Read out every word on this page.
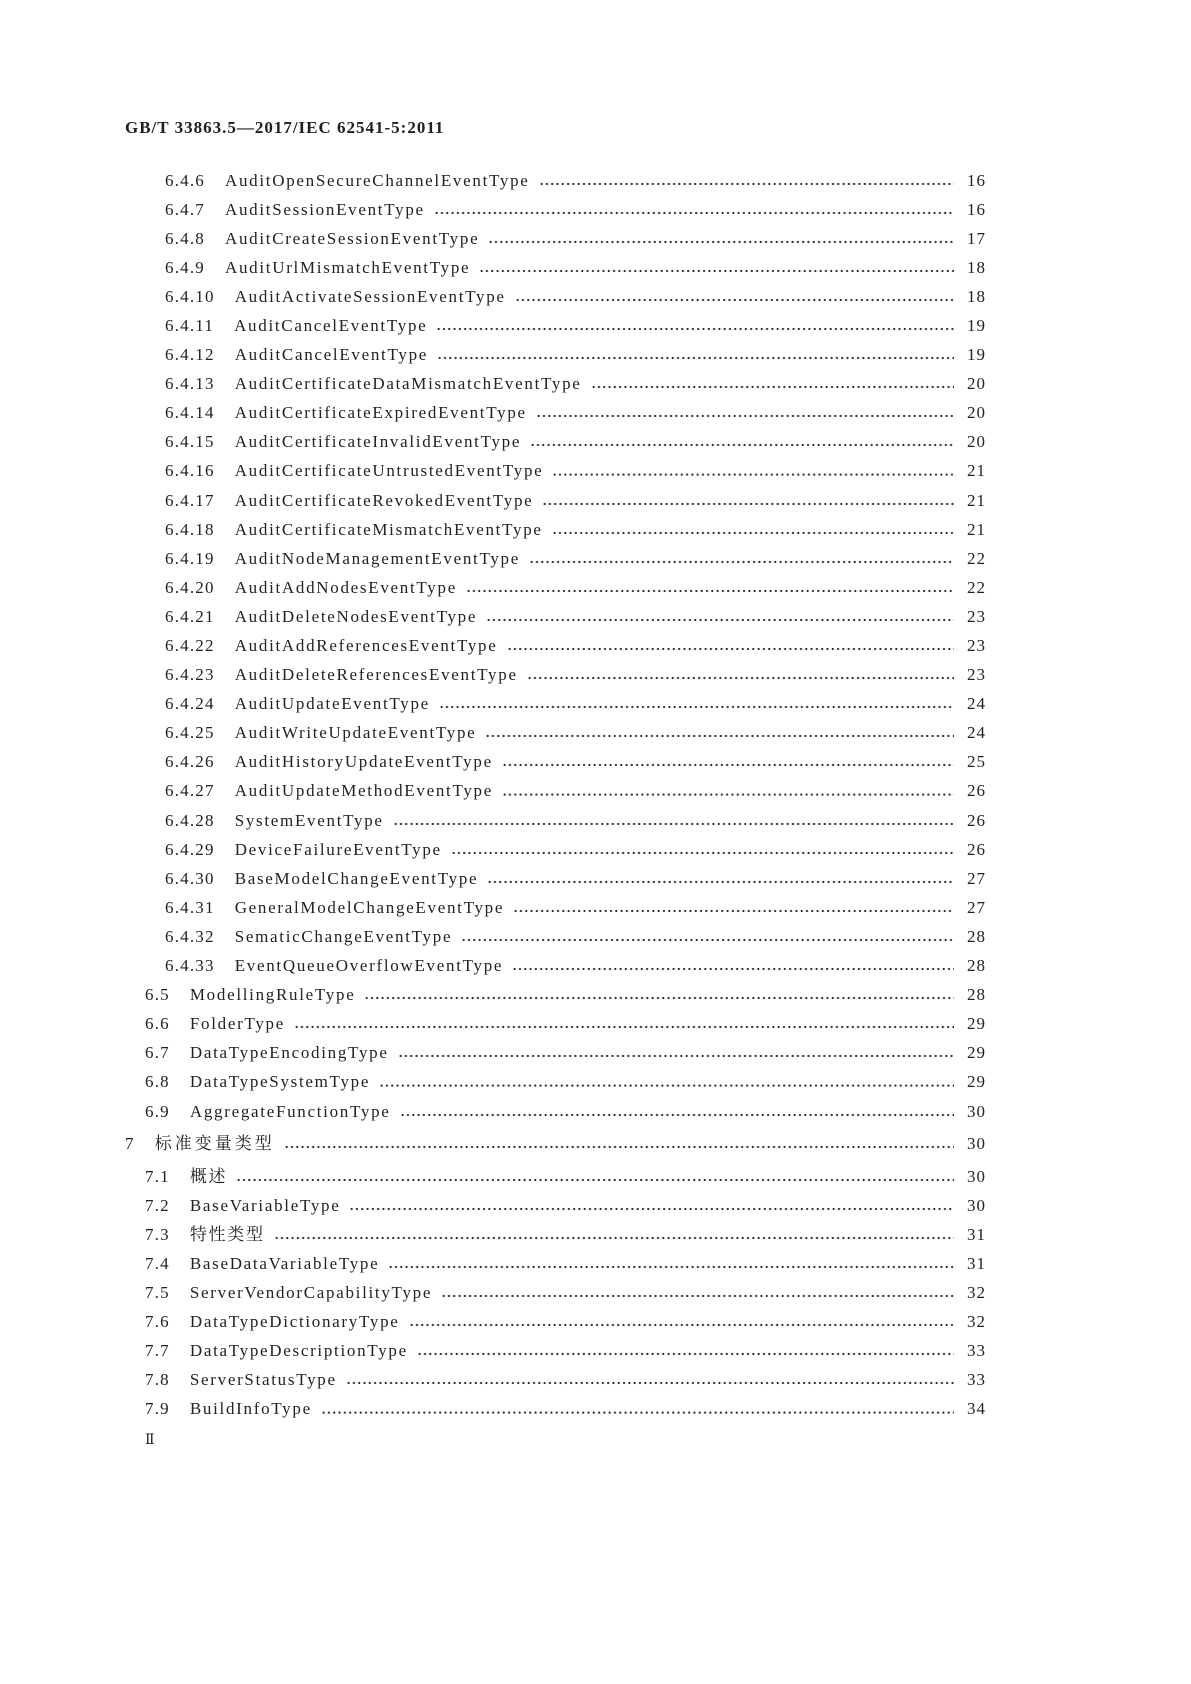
GB/T 33863.5—2017/IEC 62541-5:2011
6.4.6 AuditOpenSecureChannelEventType	16
6.4.7 AuditSessionEventType	16
6.4.8 AuditCreateSessionEventType	17
6.4.9 AuditUrlMismatchEventType	18
6.4.10 AuditActivateSessionEventType	18
6.4.11 AuditCancelEventType	19
6.4.12 AuditCancelEventType	19
6.4.13 AuditCertificateDataMismatchEventType	20
6.4.14 AuditCertificateExpiredEventType	20
6.4.15 AuditCertificateInvalidEventType	20
6.4.16 AuditCertificateUntrustedEventType	21
6.4.17 AuditCertificateRevokedEventType	21
6.4.18 AuditCertificateMismatchEventType	21
6.4.19 AuditNodeManagementEventType	22
6.4.20 AuditAddNodesEventType	22
6.4.21 AuditDeleteNodesEventType	23
6.4.22 AuditAddReferencesEventType	23
6.4.23 AuditDeleteReferencesEventType	23
6.4.24 AuditUpdateEventType	24
6.4.25 AuditWriteUpdateEventType	24
6.4.26 AuditHistoryUpdateEventType	25
6.4.27 AuditUpdateMethodEventType	26
6.4.28 SystemEventType	26
6.4.29 DeviceFailureEventType	26
6.4.30 BaseModelChangeEventType	27
6.4.31 GeneralModelChangeEventType	27
6.4.32 SematicChangeEventType	28
6.4.33 EventQueueOverflowEventType	28
6.5 ModellingRuleType	28
6.6 FolderType	29
6.7 DataTypeEncodingType	29
6.8 DataTypeSystemType	29
6.9 AggregateFunctionType	30
7 标准变量类型	30
7.1 概述	30
7.2 BaseVariableType	30
7.3 特性类型	31
7.4 BaseDataVariableType	31
7.5 ServerVendorCapabilityType	32
7.6 DataTypeDictionaryType	32
7.7 DataTypeDescriptionType	33
7.8 ServerStatusType	33
7.9 BuildInfoType	34
Ⅱ
